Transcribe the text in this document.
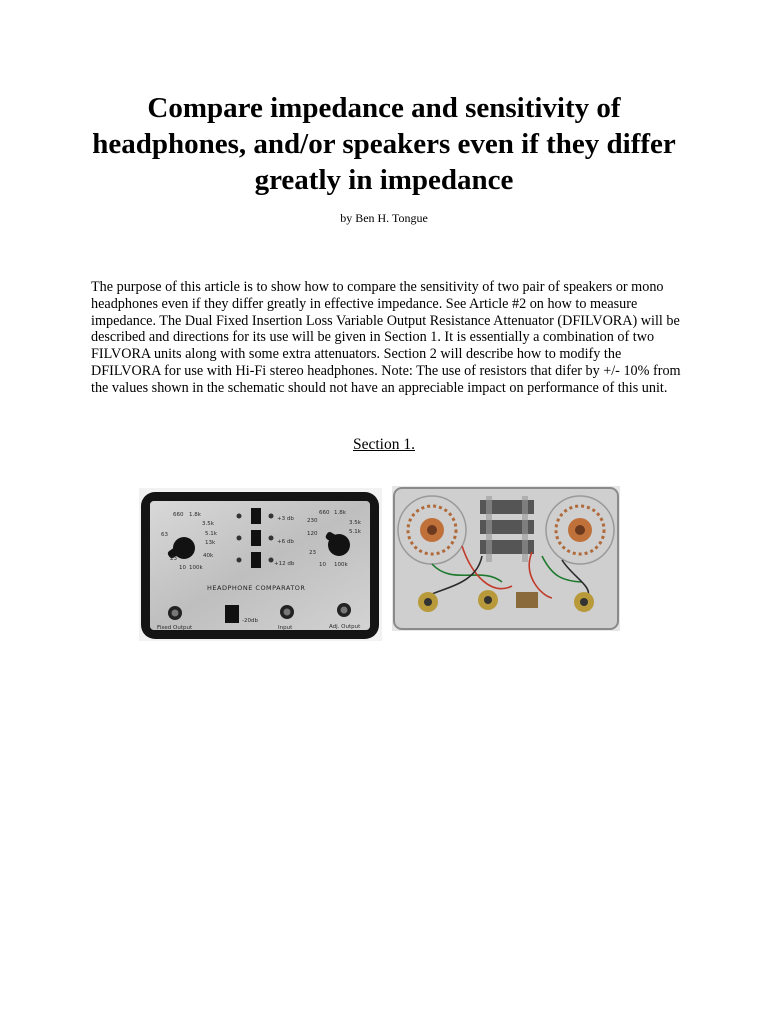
Compare impedance and sensitivity of headphones, and/or speakers even if they differ greatly in impedance
by Ben H. Tongue

The purpose of this article is to show how to compare the sensitivity of two pair of speakers or mono headphones even if they differ greatly in effective impedance. See Article #2 on how to measure impedance. The Dual Fixed Insertion Loss Variable Output Resistance Attenuator (DFILVORA) will be described and directions for its use will be given in Section 1. It is essentially a combination of two FILVORA units along with some extra attenuators. Section 2 will describe how to modify the DFILVORA for use with Hi-Fi stereo headphones. Note: The use of resistors that difer by +/- 10% from the values shown in the schematic should not have an appreciable impact on performance of this unit.

Section 1.
660 1.8k
3.5k
5.1k
13k
40k
100k
10
23
63
+3 db
+6 db
+12 db
660 1.8k
230	3.5k
5.1k
120
23
10 100k
HEADPHONE COMPARATOR
-20db
Fixed Output	Input	Adj. Output
